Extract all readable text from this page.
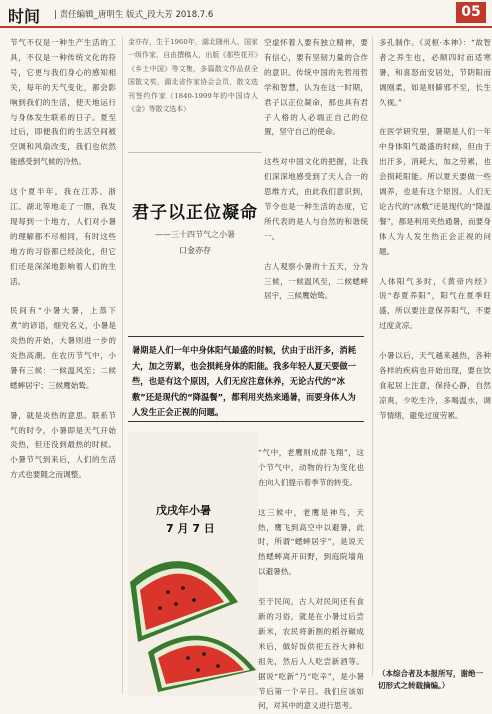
时间 | 责任编辑_唐明生 版式_段大芳 2018.7.6	05
节气不仅是一种生产生活的工具，不仅是一种传统文化的符号，它更与我们身心的感知相关，每年的天气变化，都会影响到我们的生活，使天地运行与身体发生联系的日子。夏至过后，即便我们的生活空间被空调和风扇改变，我们也依然能感受到气候的冷热。

这个夏半年，我在江苏、浙江、湖北等地走了一圈，我发现每到一个地方，人们对小暑的理解都不尽相同，有时这些地方的习俗都已经淡化，但它们还是深深地影响着人们的生活。

民间有“小暑大暑，上蒸下煮”的谚语，细究名义，小暑是炎热的开始，大暑则进一步的炎热高潮。在农历节气中，小暑有三候：一候温风至；二候蟋蟀居宇；三候鹰始鸷。

暑，就是炎热的意思。联系节气的时令，小暑即是天气开始炎热，但还没到最热的时候。小暑节气到来后，人们的生活方式也要随之而调整。
金亦存，生于1960年，湖北随州人，国家一级作家，自由撰稿人，出版《那些花开》《乡土中国》等文集，多篇散文作品获全国散文奖，湖北省作家协会会员，散文选刊签约作家（1840-1999年的中国诗人《金》等散文选本）
君子以正位凝命
——三十四节气之小暑
口金亦存
空虚怀着人要有独立精神，要有信心，要有坚韧力量的合作的意识。传统中国的先哲用哲学和智慧，认为在这一时期，君子以正位凝命，那也具有君子人格的人必端正自己的位置，坚守自己的使命。

这些对中国文化的把握，让我们深深地感受到了天人合一的思维方式，由此我们意识到，节令也是一种生活的态度，它所代表的是人与自然的和谐统一。

古人观察小暑的十五天，分为三候，一候温风至，二候蟋蟀居宇，三候鹰始鸷。
多孔制作。《灵枢·本神》：“故智者之养生也，必顺四时而适寒暑，和喜怒而安居处，节阴阳而调刚柔，如是则僻邪不至，长生久视。”

在医学研究里，暑期是人们一年中身体阳气最盛的时候，但由于出汗多，消耗大，加之劳累，也会损耗阳能。所以夏天要做一些调养，也是有这个原因。人们无论古代的“冰敷”还是现代的“降温餐”，都是利用夹热通暑，而要身体人为人发生热正会正视的问题。

人体阳气多时，《黄帝内经》说“春夏养阳”，阳气在夏季旺盛，所以要注意保养阳气，不要过度贪凉。

小暑以后，天气越来越热，各种各样的疾病也开始出现，要在饮食起居上注意，保持心静，自然凉爽，少吃生冷，多喝温水，调节情绪，避免过度劳累。
暑期是人们一年中身体阳气最盛的时候，伏由于出汗多，消耗大，加之劳累，也会损耗身体的阳能。我多年轻人夏天要做一些，也是有这个原因，人们无应注意休养，无论古代的“冰敷”还是现代的“降温餐”，都利用夹热来通暑，而要身体人为人发生正会正视的问题。
戊戌年小暑
7 月 7 日
“气中，老鹰则成群飞翔”，这个节气中，动物的行为变化也在向人们提示着季节的转变。

这三候中，老鹰是神鸟，天热，鹰飞到高空中以避暑，此时，所谓“蟋蟀居宇”，是说天热蟋蟀离开田野，到庭院墙角以避暑热。

至于民间，古人对民间还有食新的习俗，就是在小暑过后尝新米，农民将新割的稻谷碾成米后，做好饭供祀五谷大神和祖先，然后人人吃尝新酒等。据说“吃新”乃“吃辛”，是小暑节后第一个辛日。我们应该如何，对其中的意义进行思考。
（本综合者及本报所写，谢绝一切形式之转载摘编。）
